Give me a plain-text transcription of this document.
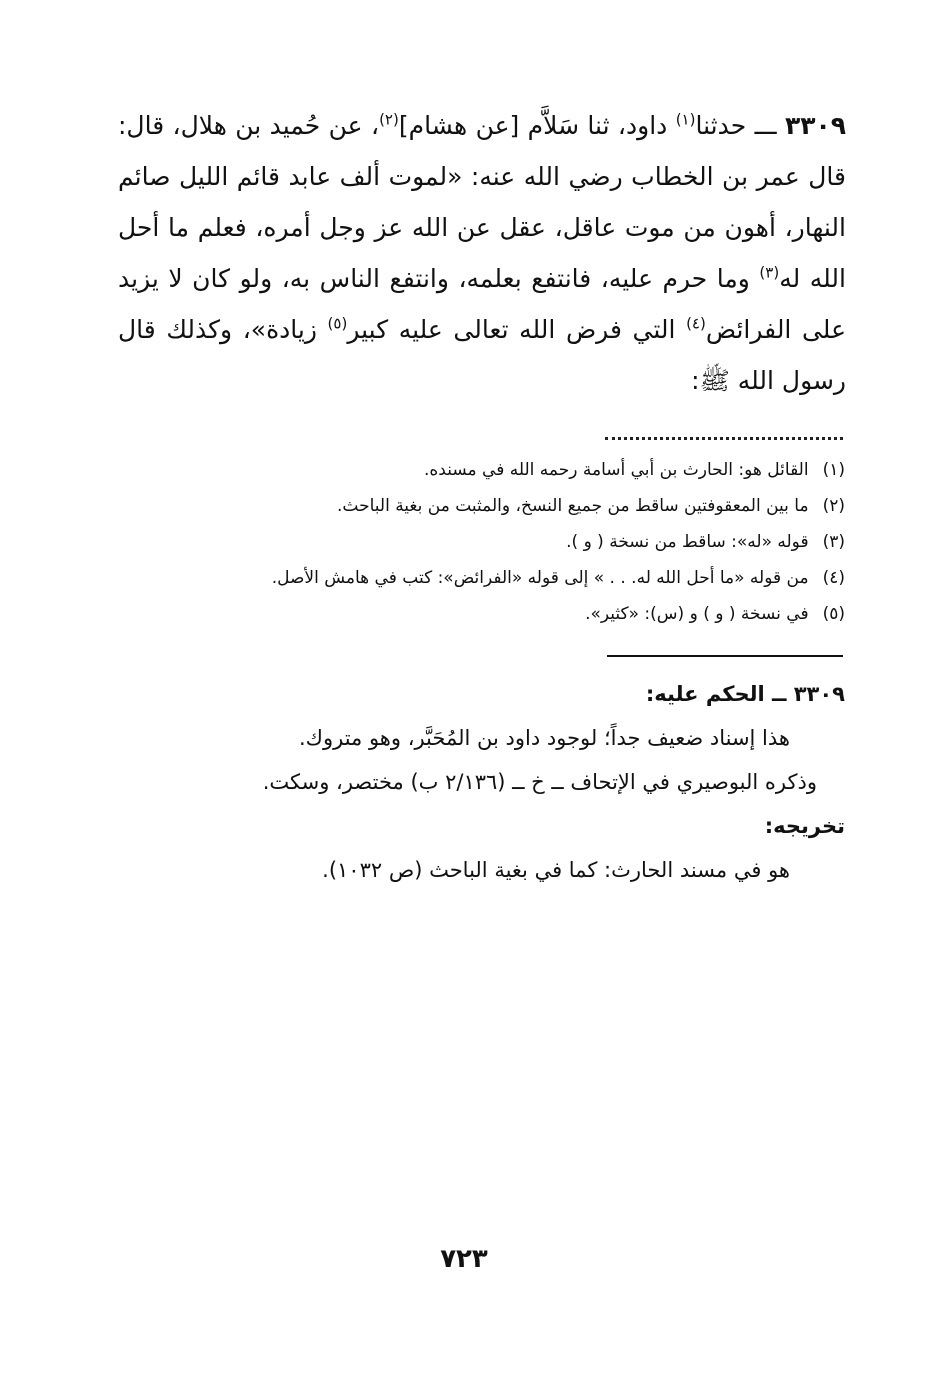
٣٣٠٩ ـــ حدثنا$^{(١)}$ داود، ثنا سَلاَّم [عن هشام]$^{(٢)}$، عن حُميد بن هلال، قال: قال عمر بن الخطاب رضي الله عنه: «لموت ألف عابد قائم الليل صائم النهار، أهون من موت عاقل، عقل عن الله عز وجل أمره، فعلم ما أحل الله له$^{(٣)}$ وما حرم عليه، فانتفع بعلمه، وانتفع الناس به، ولو كان لا يزيد على الفرائض$^{(٤)}$ التي فرض الله تعالى عليه كبير$^{(٥)}$ زيادة»، وكذلك قال رسول الله ﷺ:

(١)القائل هو: الحارث بن أبي أسامة رحمه الله في مسنده.
(٢)ما بين المعقوفتين ساقط من جميع النسخ، والمثبت من بغية الباحث.
(٣)قوله «له»: ساقط من نسخة ( و ).
(٤)من قوله «ما أحل الله له. . . » إلى قوله «الفرائض»: كتب في هامش الأصل.
(٥)في نسخة ( و ) و (س): «كثير».
٣٣٠٩ ــ الحكم عليه:
هذا إسناد ضعيف جداً؛ لوجود داود بن المُحَبَّر، وهو متروك.
وذكره البوصيري في الإتحاف ــ خ ــ (٢/١٣٦ ب) مختصر، وسكت.
تخريجه:
هو في مسند الحارث: كما في بغية الباحث (ص ١٠٣٢).
٧٢٣
